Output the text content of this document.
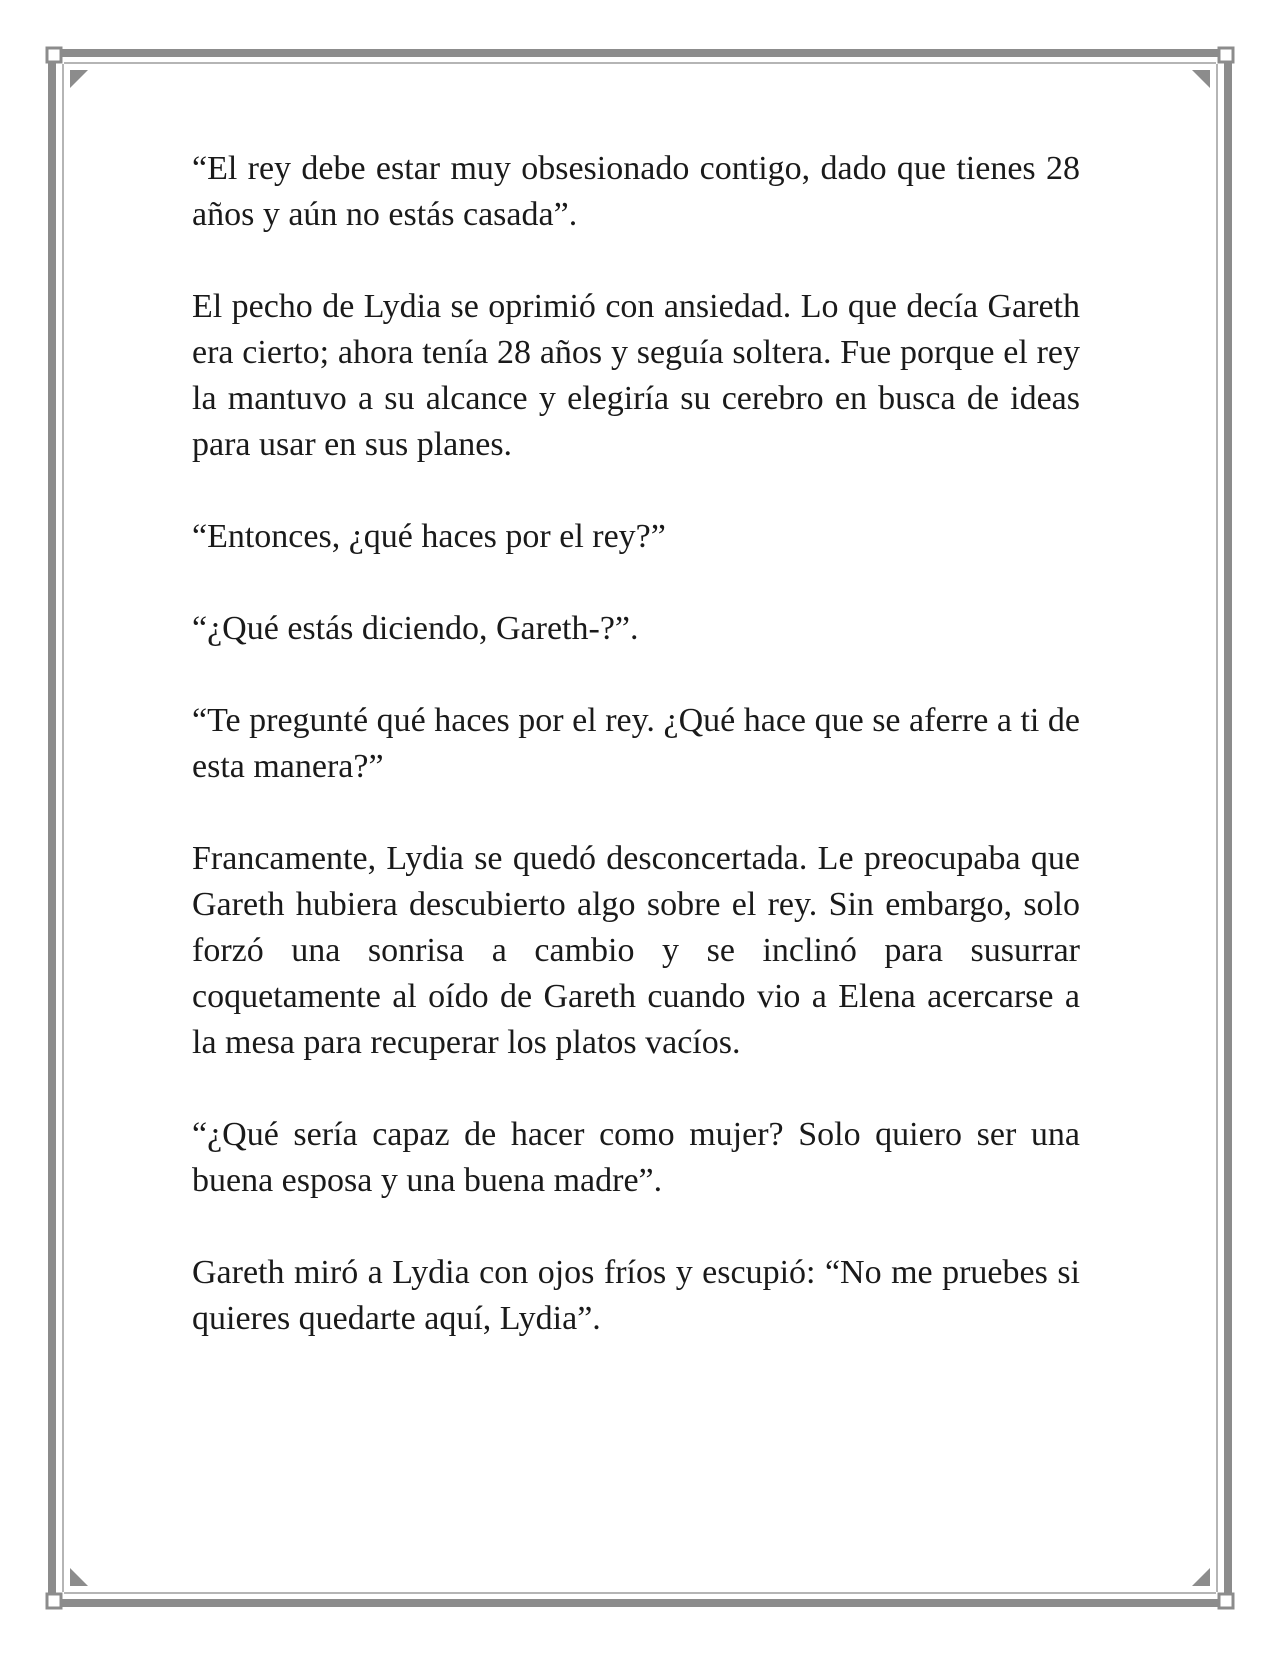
“El rey debe estar muy obsesionado contigo, dado que tienes 28 años y aún no estás casada”.

El pecho de Lydia se oprimió con ansiedad. Lo que decía Gareth era cierto; ahora tenía 28 años y seguía soltera. Fue porque el rey la mantuvo a su alcance y elegiría su cerebro en busca de ideas para usar en sus planes.

“Entonces, ¿qué haces por el rey?”

“¿Qué estás diciendo, Gareth-?”.

“Te pregunté qué haces por el rey. ¿Qué hace que se aferre a ti de esta manera?”

Francamente, Lydia se quedó desconcertada. Le preocupaba que Gareth hubiera descubierto algo sobre el rey. Sin embargo, solo forzó una sonrisa a cambio y se inclinó para susurrar coquetamente al oído de Gareth cuando vio a Elena acercarse a la mesa para recuperar los platos vacíos.

“¿Qué sería capaz de hacer como mujer? Solo quiero ser una buena esposa y una buena madre”.

Gareth miró a Lydia con ojos fríos y escupió: “No me pruebes si quieres quedarte aquí, Lydia”.
